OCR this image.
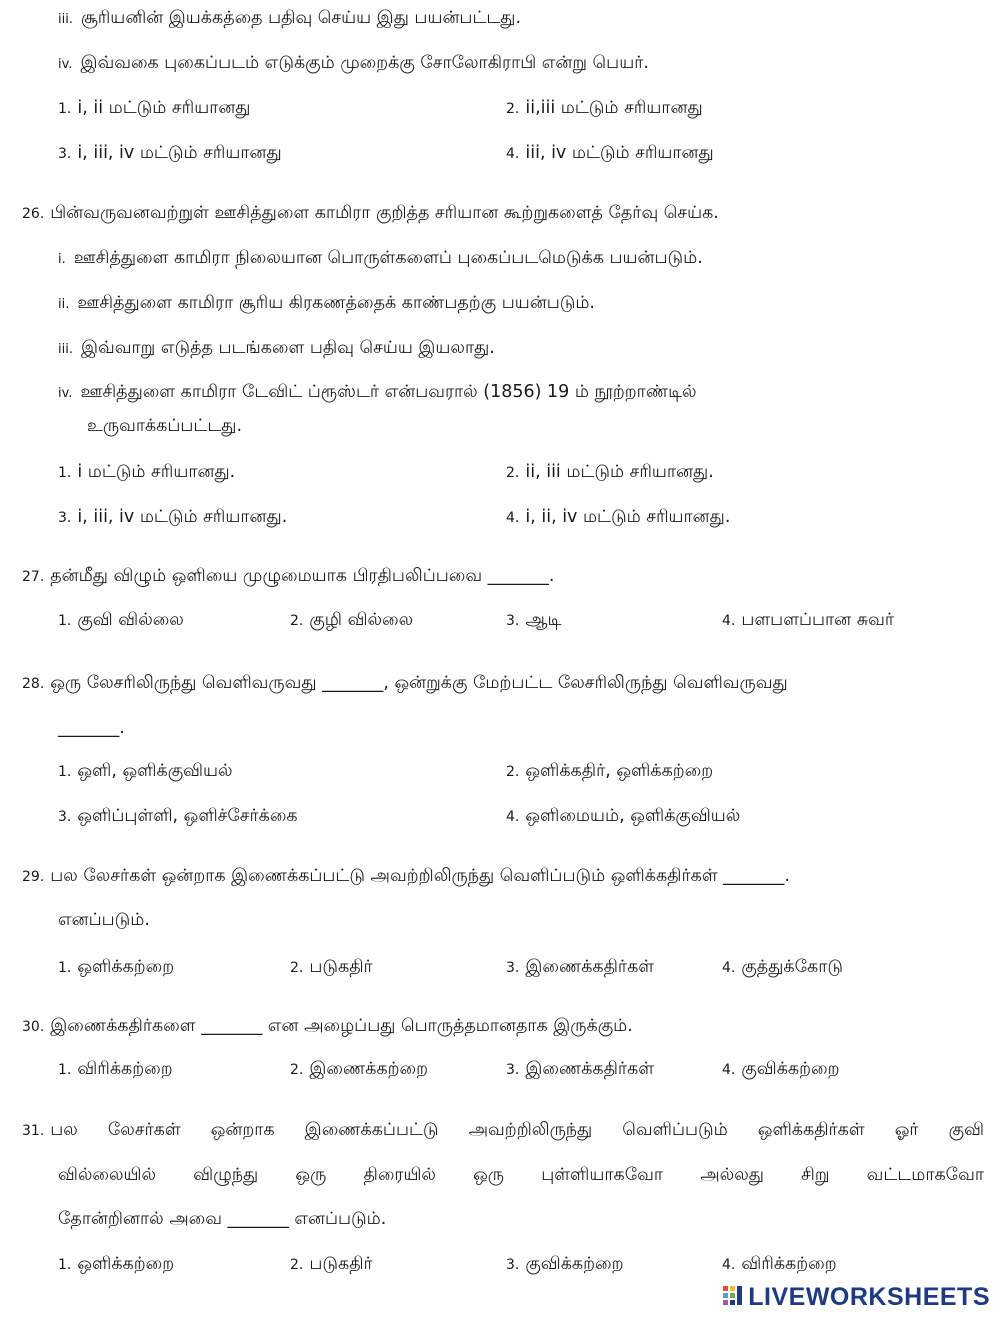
iii. சூரியனின் இயக்கத்தை பதிவு செய்ய இது பயன்பட்டது.
iv. இவ்வகை புகைப்படம் எடுக்கும் முறைக்கு சோலோகிராபி என்று பெயர்.
1. i, ii மட்டும் சரியானது	2. ii,iii மட்டும் சரியானது
3. i, iii, iv மட்டும் சரியானது	4. iii, iv மட்டும் சரியானது
26. பின்வருவனவற்றுள் ஊசித்துளை காமிரா குறித்த சரியான கூற்றுகளைத் தேர்வு செய்க.
i. ஊசித்துளை காமிரா நிலையான பொருள்களைப் புகைப்படமெடுக்க பயன்படும்.
ii. ஊசித்துளை காமிரா சூரிய கிரகணத்தைக் காண்பதற்கு பயன்படும்.
iii. இவ்வாறு எடுத்த படங்களை பதிவு செய்ய இயலாது.
iv. ஊசித்துளை காமிரா டேவிட் ப்ரூஸ்டர் என்பவரால் (1856) 19 ம் நூற்றாண்டில்
உருவாக்கப்பட்டது.
1. i மட்டும் சரியானது.	2. ii, iii மட்டும் சரியானது.
3. i, iii, iv மட்டும் சரியானது.	4. i, ii, iv மட்டும் சரியானது.
27. தன்மீது விழும் ஒளியை முழுமையாக பிரதிபலிப்பவை _______.
1. குவி வில்லை	2. குழி வில்லை	3. ஆடி	4. பளபளப்பான சுவர்
28. ஒரு லேசரிலிருந்து வெளிவருவது _______, ஒன்றுக்கு மேற்பட்ட லேசரிலிருந்து வெளிவருவது
_______.
1. ஒளி, ஒளிக்குவியல்	2. ஒளிக்கதிர், ஒளிக்கற்றை
3. ஒளிப்புள்ளி, ஒளிச்சேர்க்கை	4. ஒளிமையம், ஒளிக்குவியல்
29. பல லேசர்கள் ஒன்றாக இணைக்கப்பட்டு அவற்றிலிருந்து வெளிப்படும் ஒளிக்கதிர்கள் _______.
எனப்படும்.
1. ஒளிக்கற்றை	2. படுகதிர்	3. இணைக்கதிர்கள்	4. குத்துக்கோடு
30. இணைக்கதிர்களை _______ என அழைப்பது பொருத்தமானதாக இருக்கும்.
1. விரிக்கற்றை	2. இணைக்கற்றை	3. இணைக்கதிர்கள்	4. குவிக்கற்றை
31. பல லேசர்கள் ஒன்றாக இணைக்கப்பட்டு அவற்றிலிருந்து வெளிப்படும் ஒளிக்கதிர்கள் ஓர் குவி
வில்லையில் விழுந்து ஒரு திரையில் ஒரு புள்ளியாகவோ அல்லது சிறு வட்டமாகவோ
தோன்றினால் அவை _______ எனப்படும்.
1. ஒளிக்கற்றை	2. படுகதிர்	3. குவிக்கற்றை	4. விரிக்கற்றை
LIVEWORKSHEETS
